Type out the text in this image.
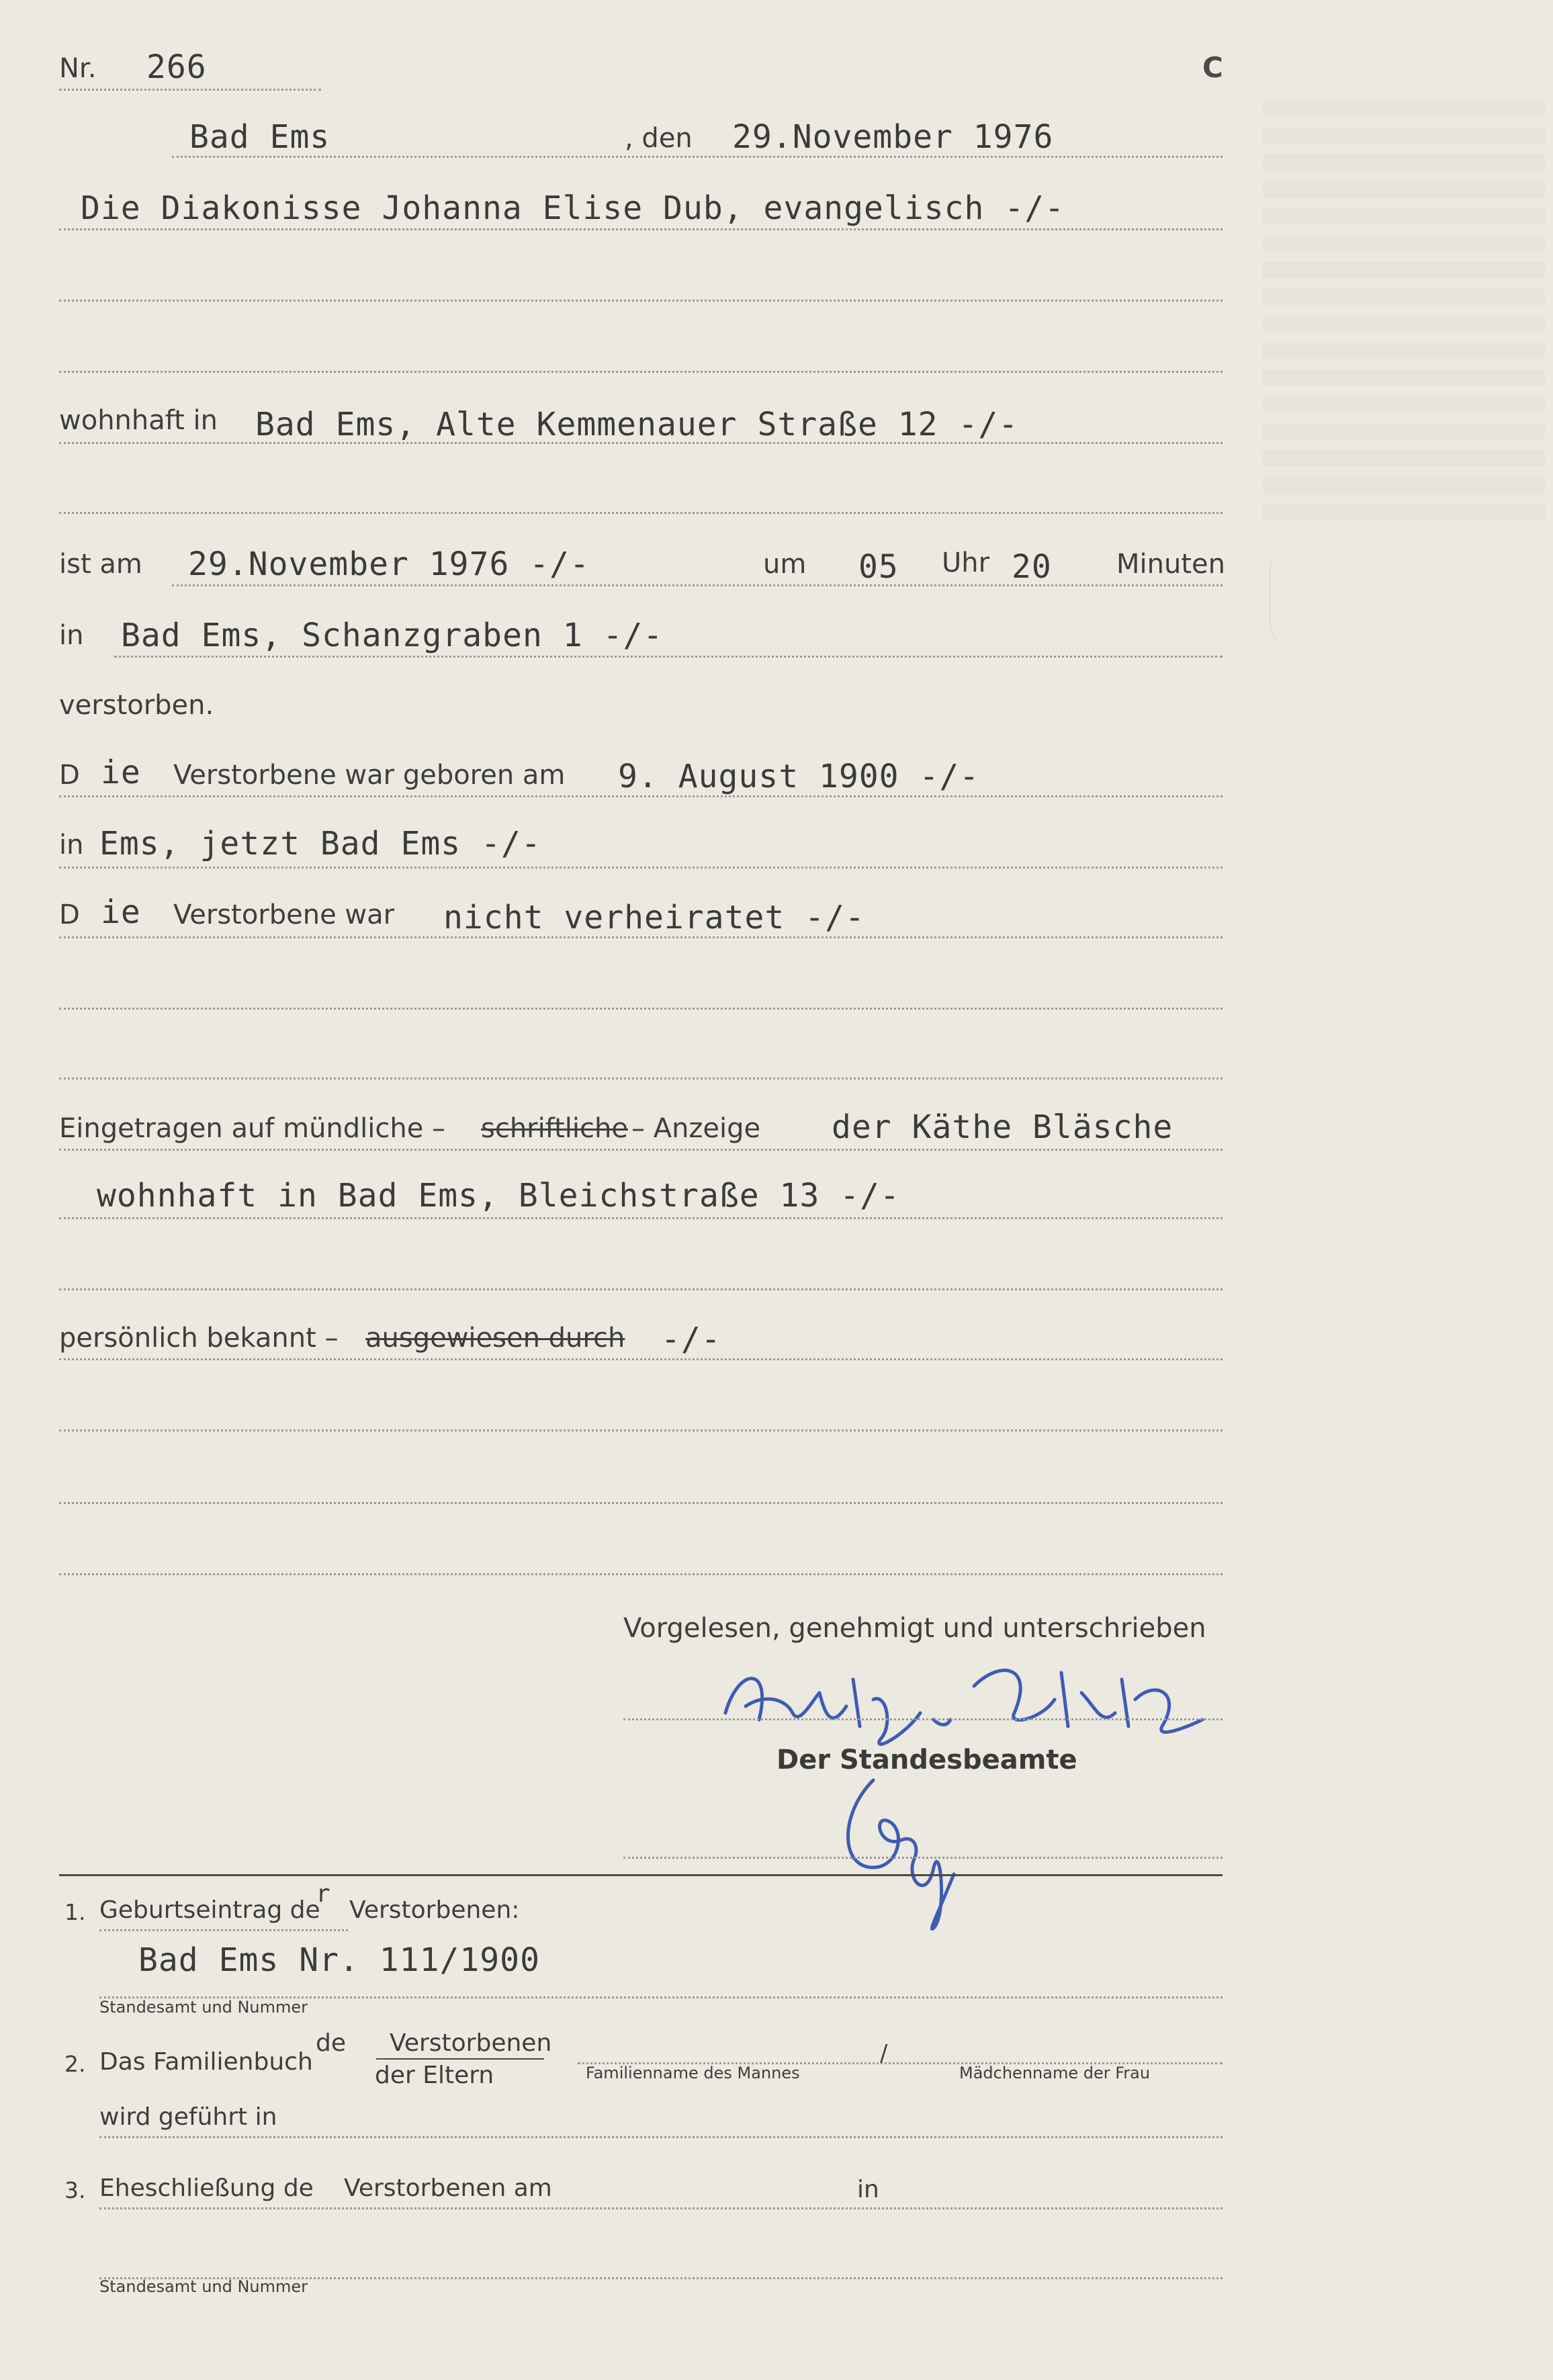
Nr. 266	C
Bad Ems	, den 29.November 1976
Die Diakonisse Johanna Elise Dub, evangelisch -/-
wohnhaft in Bad Ems, Alte Kemmenauer Straße 12 -/-
ist am 29.November 1976 -/-	um 05 Uhr 20 Minuten
in Bad Ems, Schanzgraben 1 -/-
verstorben.
D ie Verstorbene war geboren am 9. August 1900 -/-
in Ems, jetzt Bad Ems -/-
D ie Verstorbene war nicht verheiratet -/-
Eingetragen auf mündliche – schriftliche – Anzeige der Käthe Bläsche
wohnhaft in Bad Ems, Bleichstraße 13 -/-
persönlich bekannt – ausgewiesen durch -/-
Vorgelesen, genehmigt und unterschrieben
Der Standesbeamte
1. Geburtseintrag de
r
Verstorbenen:
Bad Ems Nr. 111/1900
Standesamt und Nummer
2. Das Familienbuch
de Verstorbenen
der Eltern	Familienname des Mannes
/
Mädchenname der Frau
wird geführt in
3. Eheschließung de Verstorbenen am	in
Standesamt und Nummer
